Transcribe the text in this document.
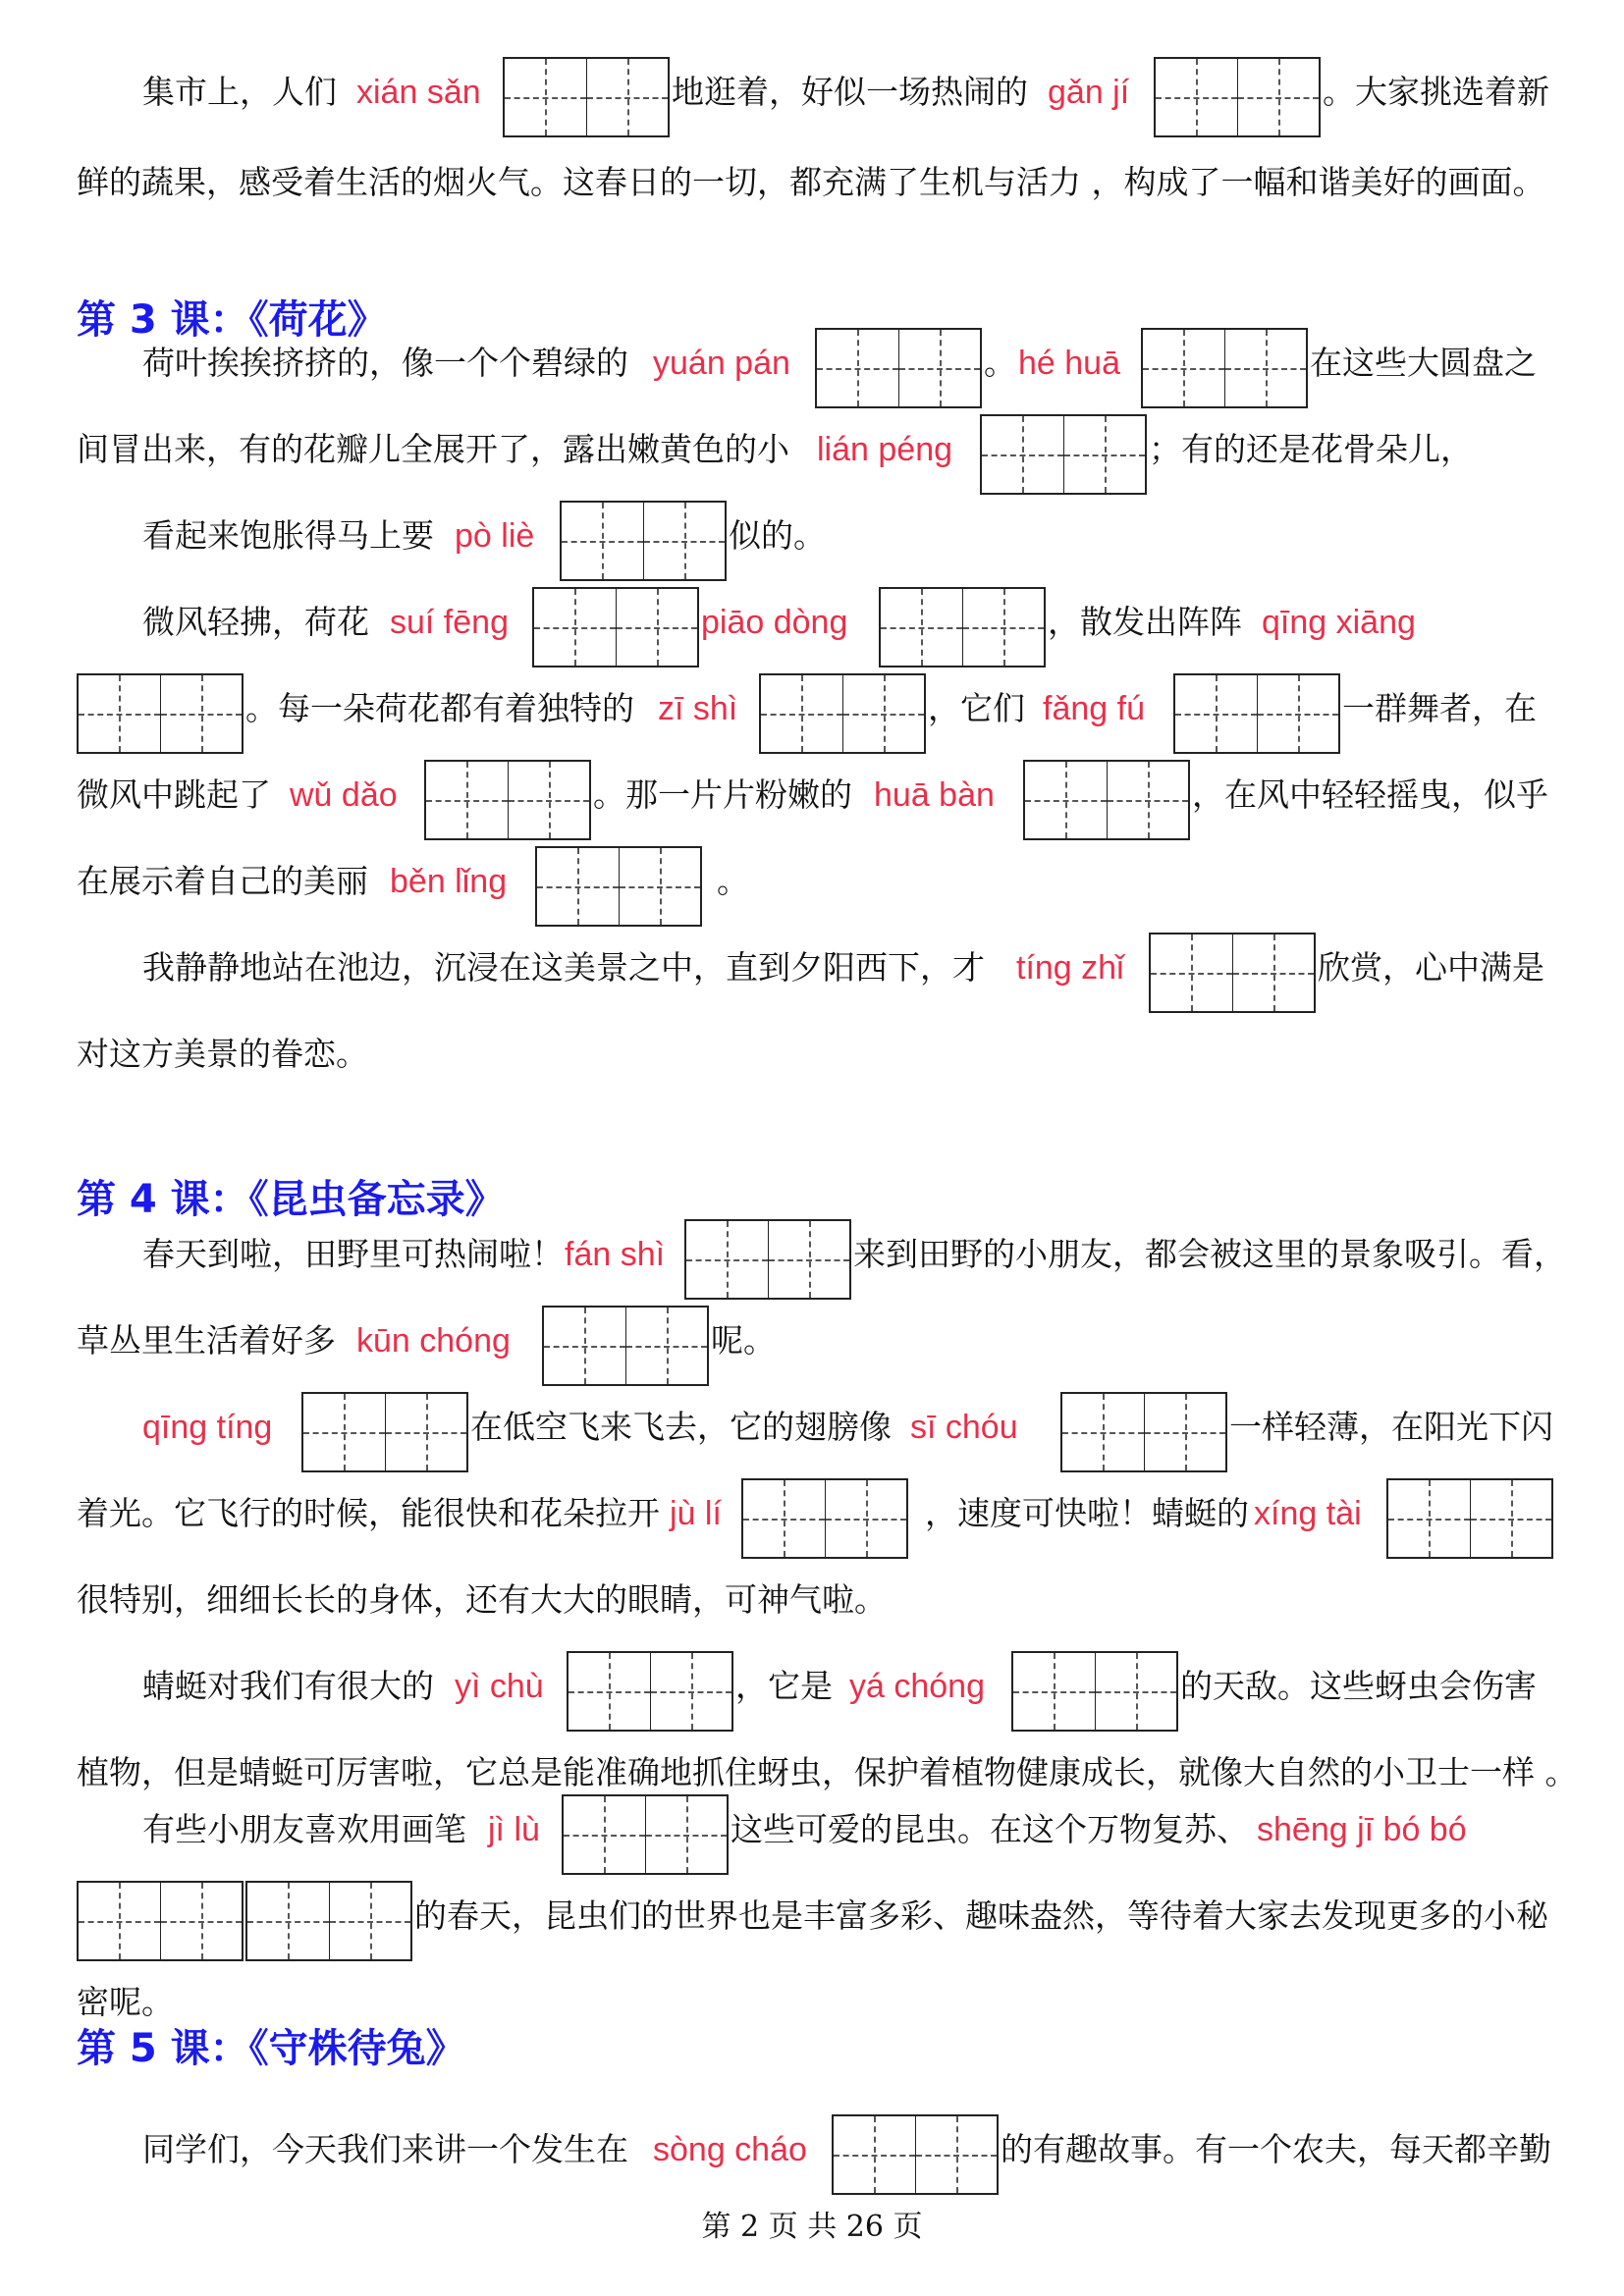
第 3 课：《荷花》
第 4 课：《昆虫备忘录》
第 5 课：《守株待兔》
集市上，人们 xián sǎn	地逛着，好似一场热闹的 gǎn jí	。大家挑选着新
鲜的蔬果，感受着生活的烟火气。这春日的一切，都充满了生机与活力 ，构成了一幅和谐美好的画面。
荷叶挨挨挤挤的，像一个个碧绿的 yuán pán	。 hé huā	在这些大圆盘之
间冒出来，有的花瓣儿全展开了，露出嫩黄色的小 lián péng	；有的还是花骨朵儿，
看起来饱胀得马上要 pò liè	似的。
微风轻拂，荷花 suí fēng	piāo dòng	，散发出阵阵 qīng xiāng
。每一朵荷花都有着独特的 zī shì	，它们 fǎng fú	一群舞者，在
微风中跳起了 wǔ dǎo	。那一片片粉嫩的 huā bàn	，在风中轻轻摇曳，似乎
在展示着自己的美丽 běn lǐng	。
我静静地站在池边，沉浸在这美景之中，直到夕阳西下，才 tíng zhǐ	欣赏，心中满是
对这方美景的眷恋。
春天到啦，田野里可热闹啦！ fán shì	来到田野的小朋友，都会被这里的景象吸引。看，
草丛里生活着好多 kūn chóng	呢。
qīng tíng	在低空飞来飞去，它的翅膀像 sī chóu	一样轻薄，在阳光下闪
着光。它飞行的时候，能很快和花朵拉开 jù lí	，速度可快啦！蜻蜓的 xíng tài
很特别，细细长长的身体，还有大大的眼睛，可神气啦。
蜻蜓对我们有很大的 yì chù	，它是 yá chóng	的天敌。这些蚜虫会伤害
植物，但是蜻蜓可厉害啦，它总是能准确地抓住蚜虫，保护着植物健康成长，就像大自然的小卫士一样 。
有些小朋友喜欢用画笔 jì lù	这些可爱的昆虫。在这个万物复苏、 shēng jī bó bó
的春天，昆虫们的世界也是丰富多彩、趣味盎然，等待着大家去发现更多的小秘
密呢。
同学们，今天我们来讲一个发生在 sòng cháo	的有趣故事。有一个农夫，每天都辛勤
第 2 页 共 26 页
